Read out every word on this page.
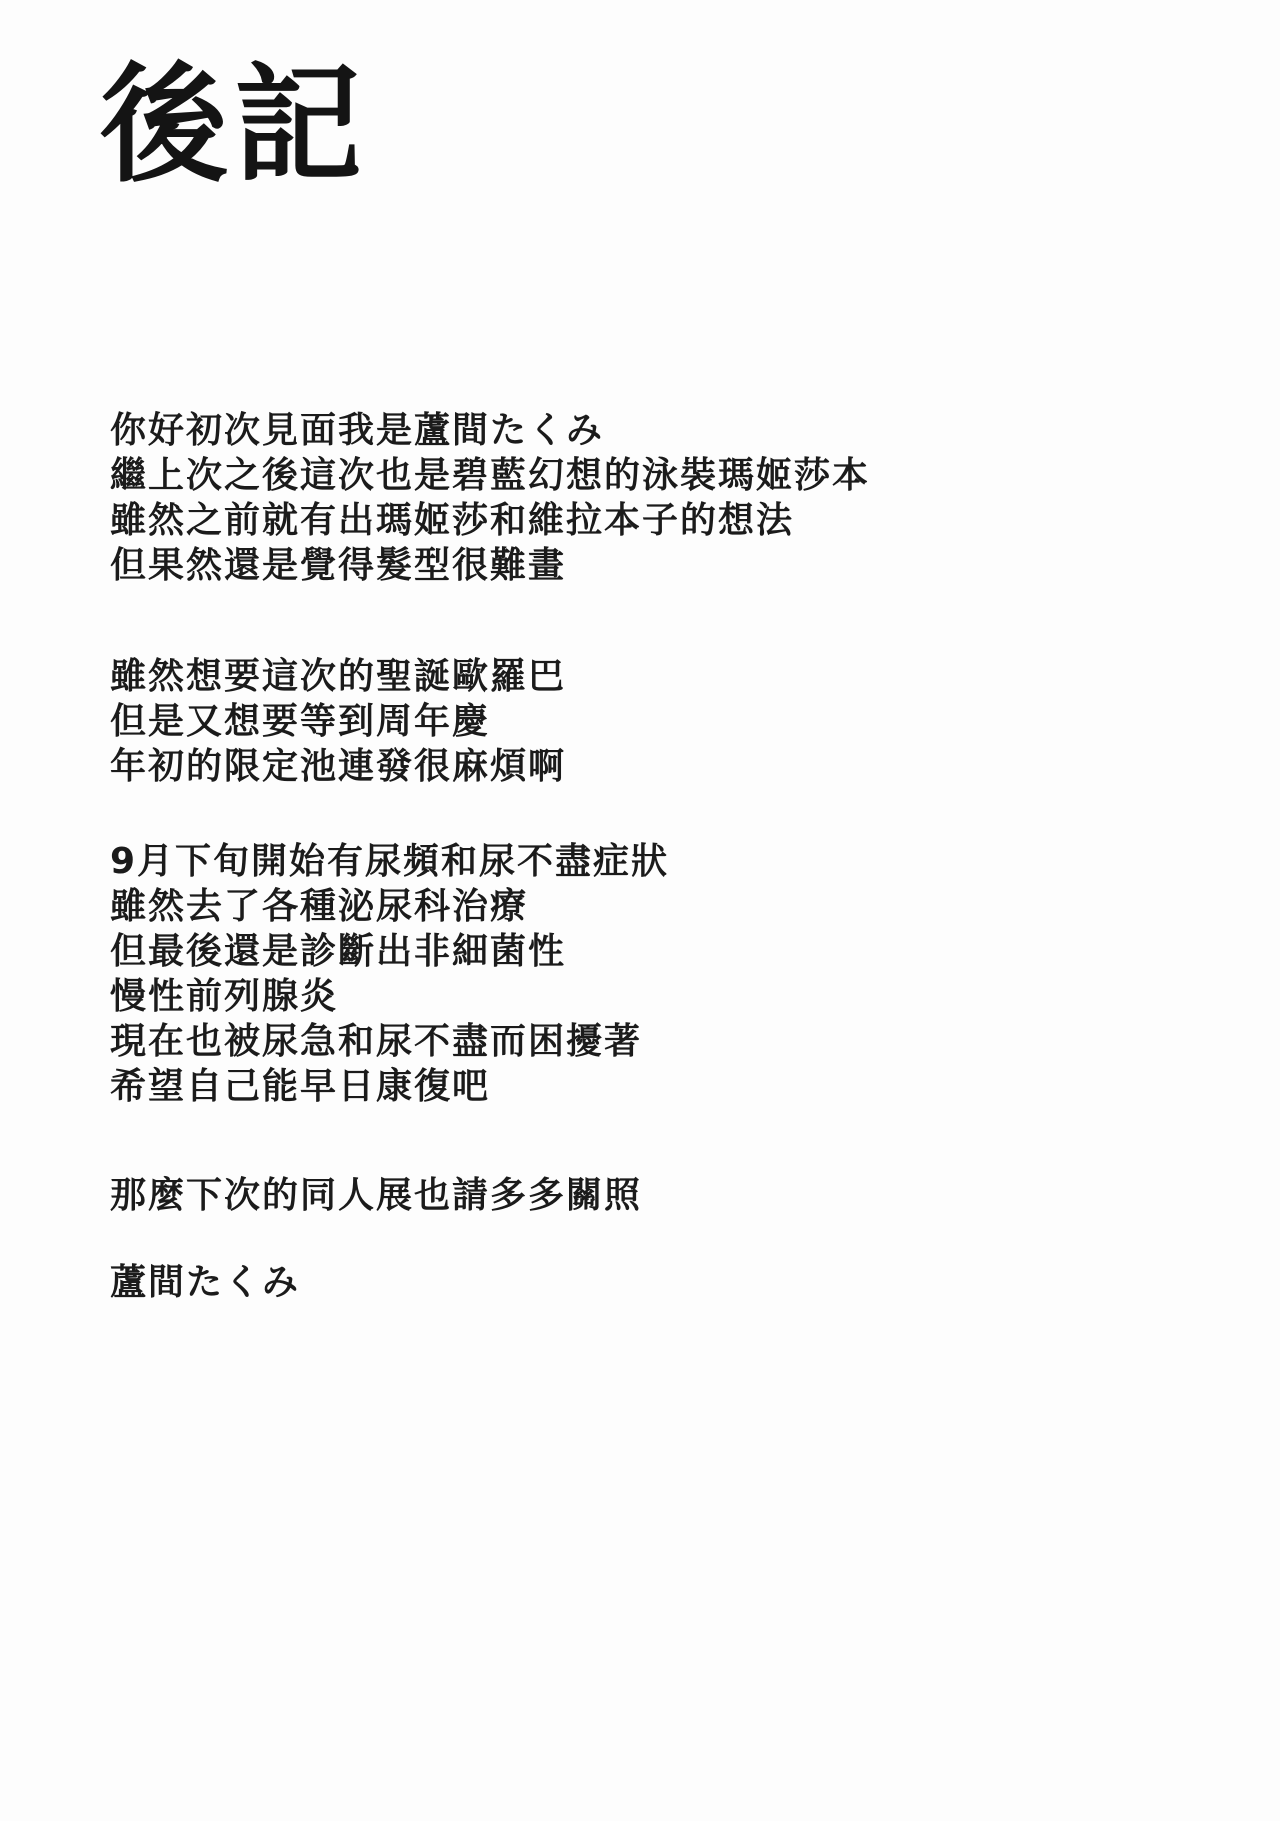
後記
你好初次見面我是蘆間たくみ
繼上次之後這次也是碧藍幻想的泳裝瑪姬莎本
雖然之前就有出瑪姬莎和維拉本子的想法
但果然還是覺得髮型很難畫
雖然想要這次的聖誕歐羅巴
但是又想要等到周年慶
年初的限定池連發很麻煩啊
9月下旬開始有尿頻和尿不盡症狀
雖然去了各種泌尿科治療
但最後還是診斷出非細菌性
慢性前列腺炎
現在也被尿急和尿不盡而困擾著
希望自己能早日康復吧
那麼下次的同人展也請多多關照
蘆間たくみ
